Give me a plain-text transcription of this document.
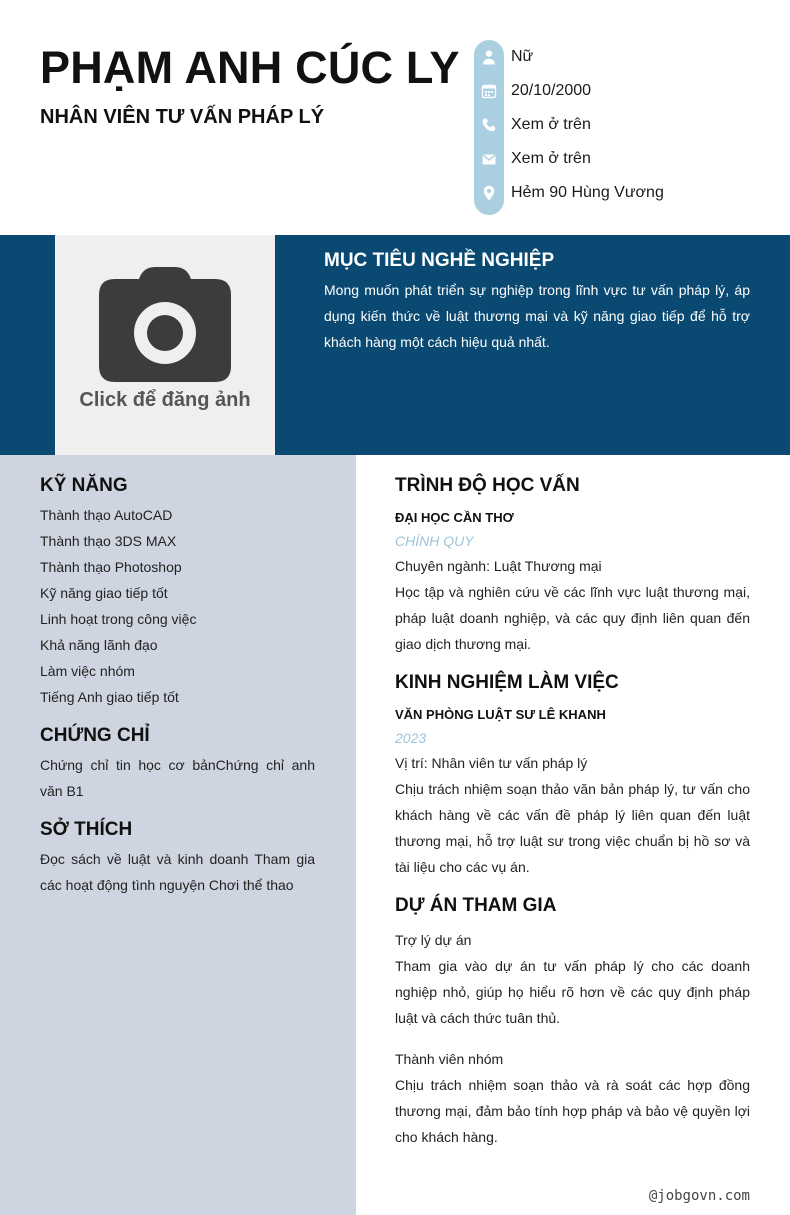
PHẠM ANH CÚC LY
NHÂN VIÊN TƯ VẤN PHÁP LÝ
Nữ
20/10/2000
Xem ở trên
Xem ở trên
Hẻm 90 Hùng Vương
Click để đăng ảnh
MỤC TIÊU NGHỀ NGHIỆP

Mong muốn phát triển sự nghiệp trong lĩnh vực tư vấn pháp lý, áp dụng kiến thức về luật thương mại và kỹ năng giao tiếp để hỗ trợ khách hàng một cách hiệu quả nhất.

KỸ NĂNG
Thành thạo AutoCAD
Thành thạo 3DS MAX
Thành thạo Photoshop
Kỹ năng giao tiếp tốt
Linh hoạt trong công việc
Khả năng lãnh đạo
Làm việc nhóm
Tiếng Anh giao tiếp tốt
CHỨNG CHỈ

Chứng chỉ tin học cơ bảnChứng chỉ anh văn B1

SỞ THÍCH

Đọc sách về luật và kinh doanh Tham gia các hoạt động tình nguyện Chơi thể thao

TRÌNH ĐỘ HỌC VẤN
ĐẠI HỌC CẦN THƠ
CHÍNH QUY
Chuyên ngành: Luật Thương mại

Học tập và nghiên cứu về các lĩnh vực luật thương mại, pháp luật doanh nghiệp, và các quy định liên quan đến giao dịch thương mại.

KINH NGHIỆM LÀM VIỆC
VĂN PHÒNG LUẬT SƯ LÊ KHANH
2023
Vị trí: Nhân viên tư vấn pháp lý

Chịu trách nhiệm soạn thảo văn bản pháp lý, tư vấn cho khách hàng về các vấn đề pháp lý liên quan đến luật thương mại, hỗ trợ luật sư trong việc chuẩn bị hồ sơ và tài liệu cho các vụ án.

DỰ ÁN THAM GIA
Trợ lý dự án

Tham gia vào dự án tư vấn pháp lý cho các doanh nghiệp nhỏ, giúp họ hiểu rõ hơn về các quy định pháp luật và cách thức tuân thủ.

Thành viên nhóm

Chịu trách nhiệm soạn thảo và rà soát các hợp đồng thương mại, đảm bảo tính hợp pháp và bảo vệ quyền lợi cho khách hàng.

@jobgovn.com
